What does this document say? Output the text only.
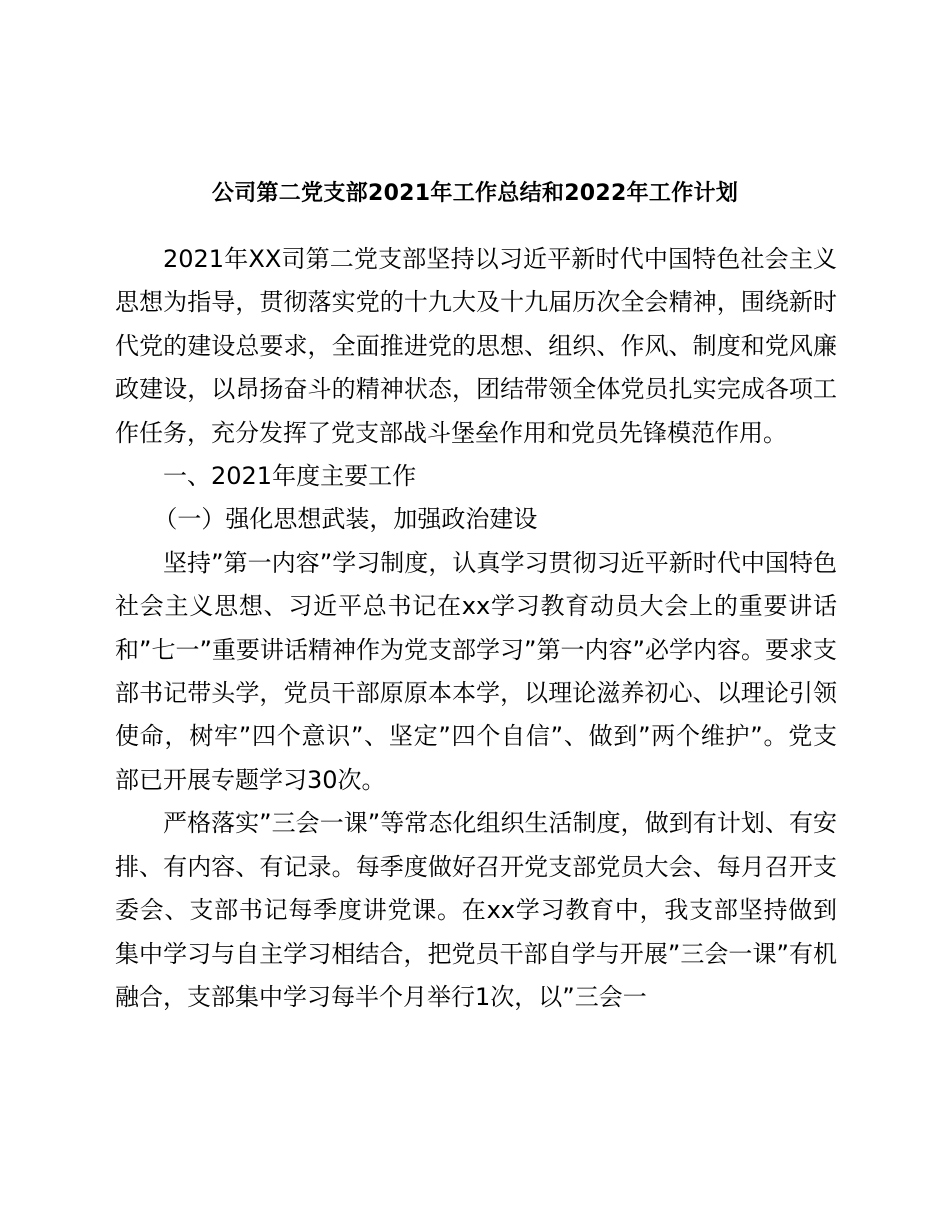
公司第二党支部2021年工作总结和2022年工作计划

2021年XX司第二党支部坚持以习近平新时代中国特色社会主义思想为指导，贯彻落实党的十九大及十九届历次全会精神，围绕新时代党的建设总要求，全面推进党的思想、组织、作风、制度和党风廉政建设，以昂扬奋斗的精神状态，团结带领全体党员扎实完成各项工作任务，充分发挥了党支部战斗堡垒作用和党员先锋模范作用。

一、2021年度主要工作

（一）强化思想武装，加强政治建设

坚持”第一内容”学习制度，认真学习贯彻习近平新时代中国特色社会主义思想、习近平总书记在xx学习教育动员大会上的重要讲话和”七一”重要讲话精神作为党支部学习”第一内容”必学内容。要求支部书记带头学，党员干部原原本本学，以理论滋养初心、以理论引领使命，树牢”四个意识”、坚定”四个自信”、做到”两个维护”。党支部已开展专题学习30次。

严格落实”三会一课”等常态化组织生活制度，做到有计划、有安排、有内容、有记录。每季度做好召开党支部党员大会、每月召开支委会、支部书记每季度讲党课。在xx学习教育中，我支部坚持做到集中学习与自主学习相结合，把党员干部自学与开展”三会一课”有机融合，支部集中学习每半个月举行1次，以”三会一
